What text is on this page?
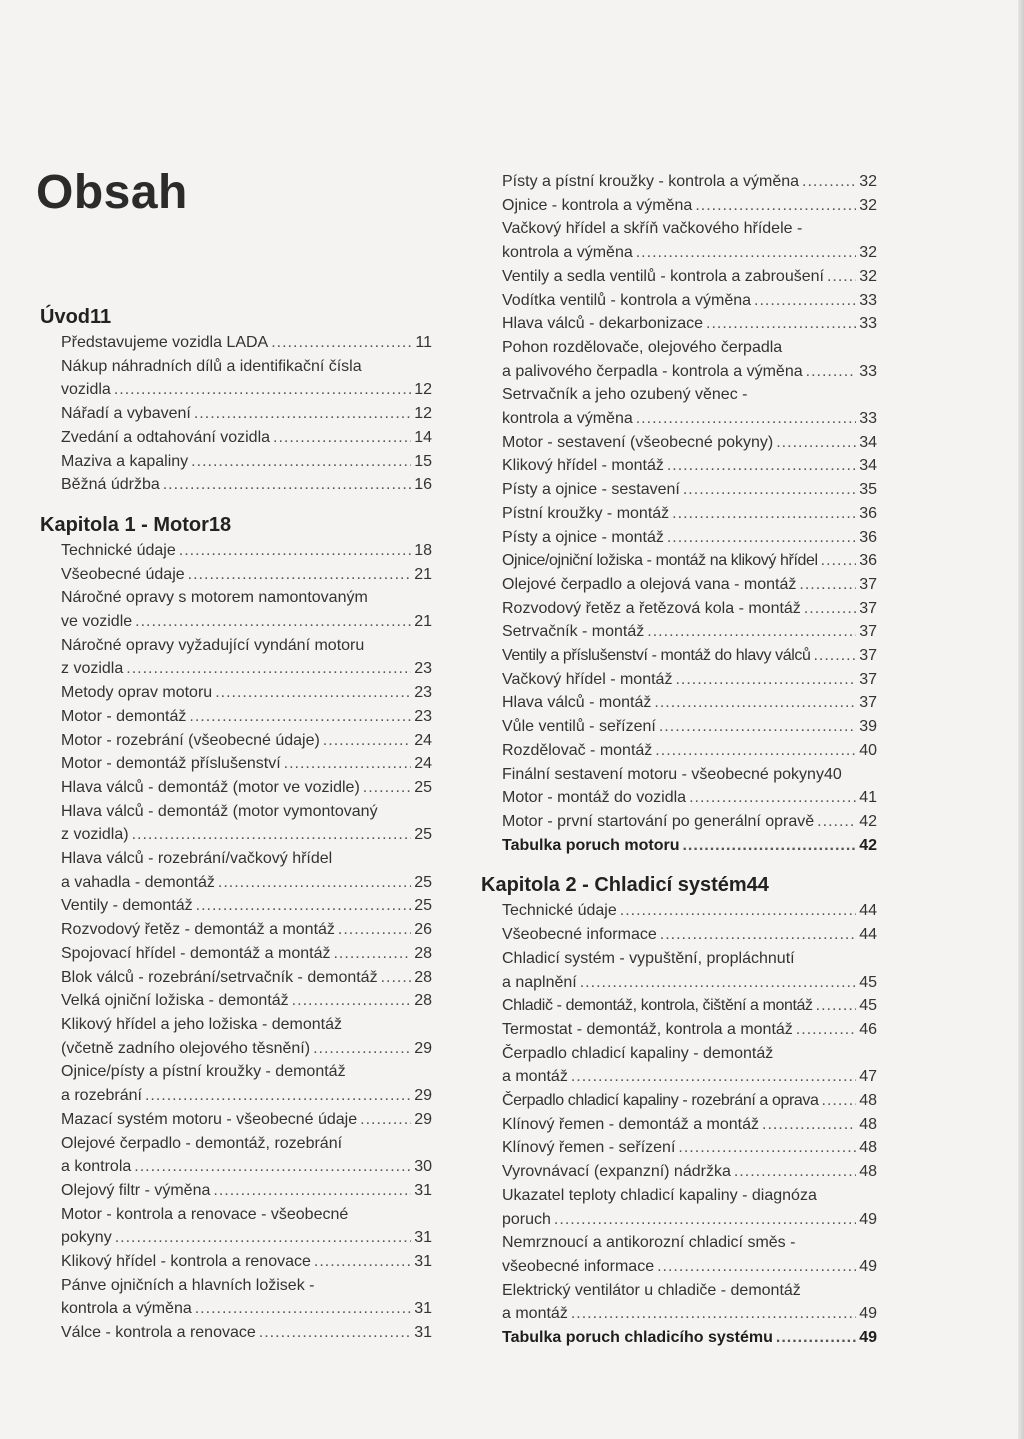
Obsah
Úvod 11
Představujeme vozidla LADA .....	11
Nákup náhradních dílů a identifikační čísla
vozidla .....	12
Nářadí a vybavení .....	12
Zvedání a odtahování vozidla .....	14
Maziva a kapaliny .....	15
Běžná údržba .....	16
Kapitola 1 - Motor 18
Technické údaje .....	18
Všeobecné údaje .....	21
Náročné opravy s motorem namontovaným
ve vozidle .....	21
Náročné opravy vyžadující vyndání motoru
z vozidla .....	23
Metody oprav motoru .....	23
Motor - demontáž .....	23
Motor - rozebrání (všeobecné údaje) .....	24
Motor - demontáž příslušenství .....	24
Hlava válců - demontáž (motor ve vozidle) .....	25
Hlava válců - demontáž (motor vymontovaný
z vozidla) .....	25
Hlava válců - rozebrání/vačkový hřídel
a vahadla - demontáž .....	25
Ventily - demontáž .....	25
Rozvodový řetěz - demontáž a montáž .....	26
Spojovací hřídel - demontáž a montáž .....	28
Blok válců - rozebrání/setrvačník - demontáž ..... 28
Velká ojniční ložiska - demontáž .....	28
Klikový hřídel a jeho ložiska - demontáž
(včetně zadního olejového těsnění) .....	29
Ojnice/písty a pístní kroužky - demontáž
a rozebrání .....	29
Mazací systém motoru - všeobecné údaje .....	29
Olejové čerpadlo - demontáž, rozebrání
a kontrola .....	30
Olejový filtr - výměna .....	31
Motor - kontrola a renovace - všeobecné
pokyny .....	31
Klikový hřídel - kontrola a renovace .....	31
Pánve ojničních a hlavních ložisek -
kontrola a výměna .....	31
Válce - kontrola a renovace .....	31
Písty a pístní kroužky - kontrola a výměna .....	32
Ojnice - kontrola a výměna .....	32
Vačkový hřídel a skříň vačkového hřídele -
kontrola a výměna .....	32
Ventily a sedla ventilů - kontrola a zabroušení ..... 32
Vodítka ventilů - kontrola a výměna .....	33
Hlava válců - dekarbonizace .....	33
Pohon rozdělovače, olejového čerpadla
a palivového čerpadla - kontrola a výměna .....	33
Setrvačník a jeho ozubený věnec -
kontrola a výměna .....	33
Motor - sestavení (všeobecné pokyny) .....	34
Klikový hřídel - montáž .....	34
Písty a ojnice - sestavení .....	35
Pístní kroužky - montáž .....	36
Písty a ojnice - montáž .....	36
Ojnice/ojniční ložiska - montáž na klikový hřídel .....	36
Olejové čerpadlo a olejová vana - montáž .....	37
Rozvodový řetěz a řetězová kola - montáž .....	37
Setrvačník - montáž .....	37
Ventily a příslušenství - montáž do hlavy válců .....	37
Vačkový hřídel - montáž .....	37
Hlava válců - montáž .....	37
Vůle ventilů - seřízení .....	39
Rozdělovač - montáž .....	40
Finální sestavení motoru - všeobecné pokyny 40
Motor - montáž do vozidla .....	41
Motor - první startování po generální opravě .....	42
Tabulka poruch motoru .....	42
Kapitola 2 - Chladicí systém 44
Technické údaje .....	44
Všeobecné informace .....	44
Chladicí systém - vypuštění, propláchnutí
a naplnění .....	45
Chladič - demontáž, kontrola, čištění a montáž .....	45
Termostat - demontáž, kontrola a montáž .....	46
Čerpadlo chladicí kapaliny - demontáž
a montáž .....	47
Čerpadlo chladicí kapaliny - rozebrání a oprava .....	48
Klínový řemen - demontáž a montáž .....	48
Klínový řemen - seřízení .....	48
Vyrovnávací (expanzní) nádržka .....	48
Ukazatel teploty chladicí kapaliny - diagnóza
poruch .....	49
Nemrznoucí a antikorozní chladicí směs -
všeobecné informace .....	49
Elektrický ventilátor u chladiče - demontáž
a montáž .....	49
Tabulka poruch chladicího systému .....	49
